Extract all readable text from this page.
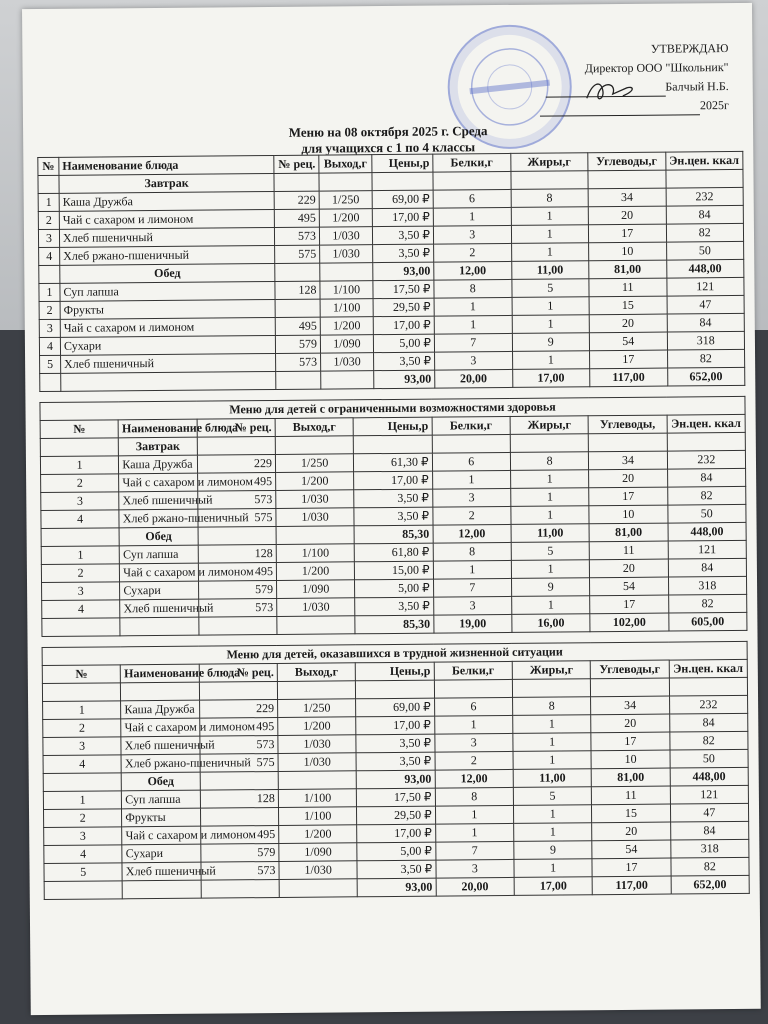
УТВЕРЖДАЮ
Директор ООО "Школьник"
Балчый Н.Б.
2025г
Меню на 08 октября 2025 г. Среда
для учащихся с 1 по 4 классы
№	Наименование блюда	№ рец.	Выход,г	Цены,р	Белки,г	Жиры,г	Углеводы,г	Эн.цен. ккал
	Завтрак							
1	Каша Дружба	229	1/250	69,00 ₽	6	8	34	232
2	Чай с сахаром и лимоном	495	1/200	17,00 ₽	1	1	20	84
3	Хлеб пшеничный	573	1/030	3,50 ₽	3	1	17	82
4	Хлеб ржано-пшеничный	575	1/030	3,50 ₽	2	1	10	50
	Обед			93,00	12,00	11,00	81,00	448,00
1	Суп лапша	128	1/100	17,50 ₽	8	5	11	121
2	Фрукты		1/100	29,50 ₽	1	1	15	47
3	Чай с сахаром и лимоном	495	1/200	17,00 ₽	1	1	20	84
4	Сухари	579	1/090	5,00 ₽	7	9	54	318
5	Хлеб пшеничный	573	1/030	3,50 ₽	3	1	17	82
				93,00	20,00	17,00	117,00	652,00
Меню для детей с ограниченными возможностями здоровья								
№	Наименование блюда	№ рец.	Выход,г	Цены,р	Белки,г	Жиры,г	Углеводы,	Эн.цен. ккал
	Завтрак							
1	Каша Дружба	229	1/250	61,30 ₽	6	8	34	232
2	Чай с сахаром и лимоном	495	1/200	17,00 ₽	1	1	20	84
3	Хлеб пшеничный	573	1/030	3,50 ₽	3	1	17	82
4	Хлеб ржано-пшеничный	575	1/030	3,50 ₽	2	1	10	50
	Обед			85,30	12,00	11,00	81,00	448,00
1	Суп лапша	128	1/100	61,80 ₽	8	5	11	121
2	Чай с сахаром и лимоном	495	1/200	15,00 ₽	1	1	20	84
3	Сухари	579	1/090	5,00 ₽	7	9	54	318
4	Хлеб пшеничный	573	1/030	3,50 ₽	3	1	17	82
				85,30	19,00	16,00	102,00	605,00
Меню для детей, оказавшихся в трудной жизненной ситуации								
№	Наименование блюда	№ рец.	Выход,г	Цены,р	Белки,г	Жиры,г	Углеводы,г	Эн.цен. ккал

1	Каша Дружба	229	1/250	69,00 ₽	6	8	34	232
2	Чай с сахаром и лимоном	495	1/200	17,00 ₽	1	1	20	84
3	Хлеб пшеничный	573	1/030	3,50 ₽	3	1	17	82
4	Хлеб ржано-пшеничный	575	1/030	3,50 ₽	2	1	10	50
	Обед			93,00	12,00	11,00	81,00	448,00
1	Суп лапша	128	1/100	17,50 ₽	8	5	11	121
2	Фрукты		1/100	29,50 ₽	1	1	15	47
3	Чай с сахаром и лимоном	495	1/200	17,00 ₽	1	1	20	84
4	Сухари	579	1/090	5,00 ₽	7	9	54	318
5	Хлеб пшеничный	573	1/030	3,50 ₽	3	1	17	82
				93,00	20,00	17,00	117,00	652,00
